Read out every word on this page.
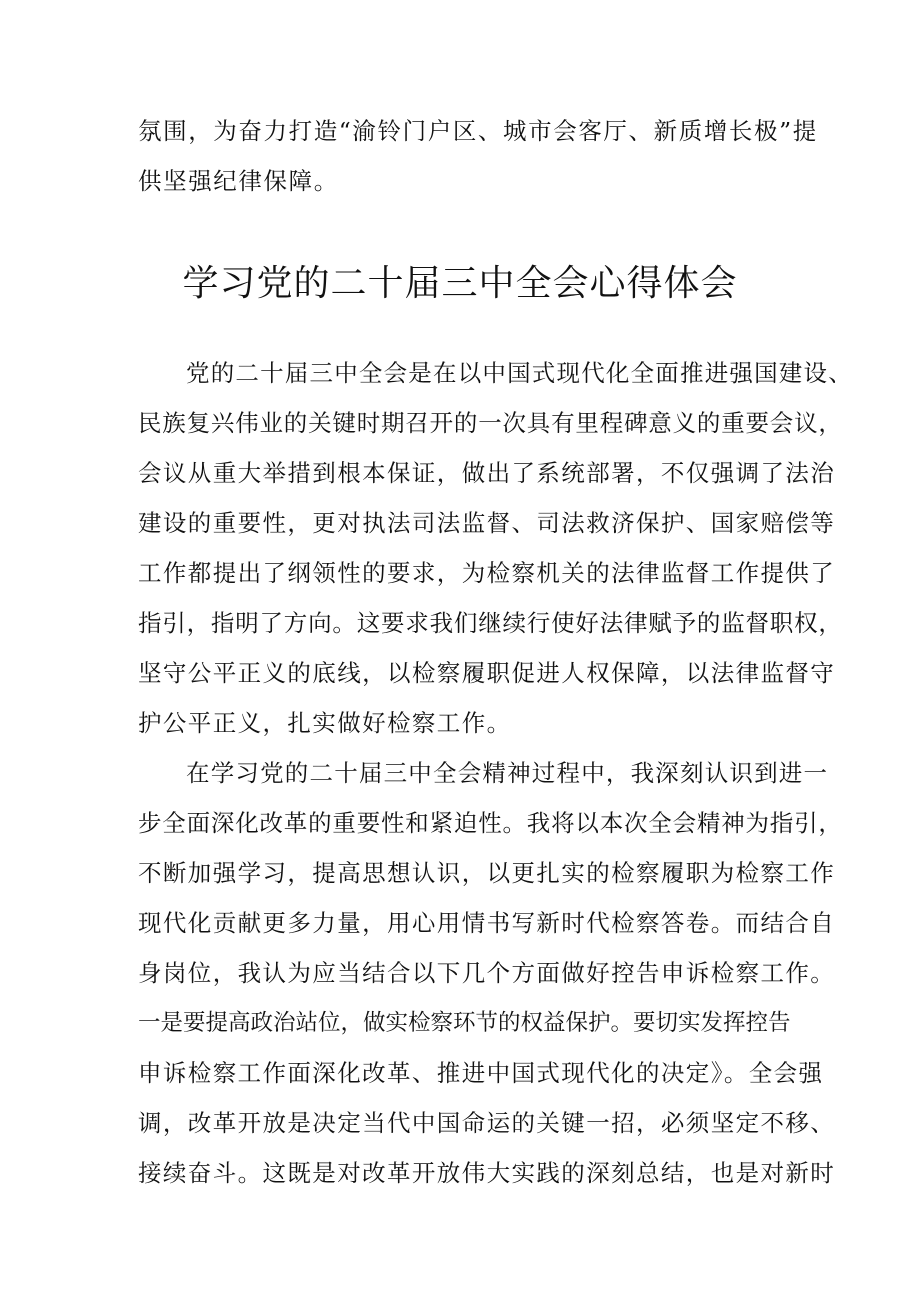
氛围，为奋力打造“渝铃门户区、城市会客厅、新质增长极”提
供坚强纪律保障。
学习党的二十届三中全会心得体会
党的二十届三中全会是在以中国式现代化全面推进强国建设、
民族复兴伟业的关键时期召开的一次具有里程碑意义的重要会议，
会议从重大举措到根本保证，做出了系统部署，不仅强调了法治
建设的重要性，更对执法司法监督、司法救济保护、国家赔偿等
工作都提出了纲领性的要求，为检察机关的法律监督工作提供了
指引，指明了方向。这要求我们继续行使好法律赋予的监督职权，
坚守公平正义的底线，以检察履职促进人权保障，以法律监督守
护公平正义，扎实做好检察工作。
在学习党的二十届三中全会精神过程中，我深刻认识到进一
步全面深化改革的重要性和紧迫性。我将以本次全会精神为指引，
不断加强学习，提高思想认识，以更扎实的检察履职为检察工作
现代化贡献更多力量，用心用情书写新时代检察答卷。而结合自
身岗位，我认为应当结合以下几个方面做好控告申诉检察工作。
一是要提高政治站位，做实检察环节的权益保护。要切实发挥控告
申诉检察工作面深化改革、推进中国式现代化的决定》。全会强
调，改革开放是决定当代中国命运的关键一招，必须坚定不移、
接续奋斗。这既是对改革开放伟大实践的深刻总结，也是对新时
